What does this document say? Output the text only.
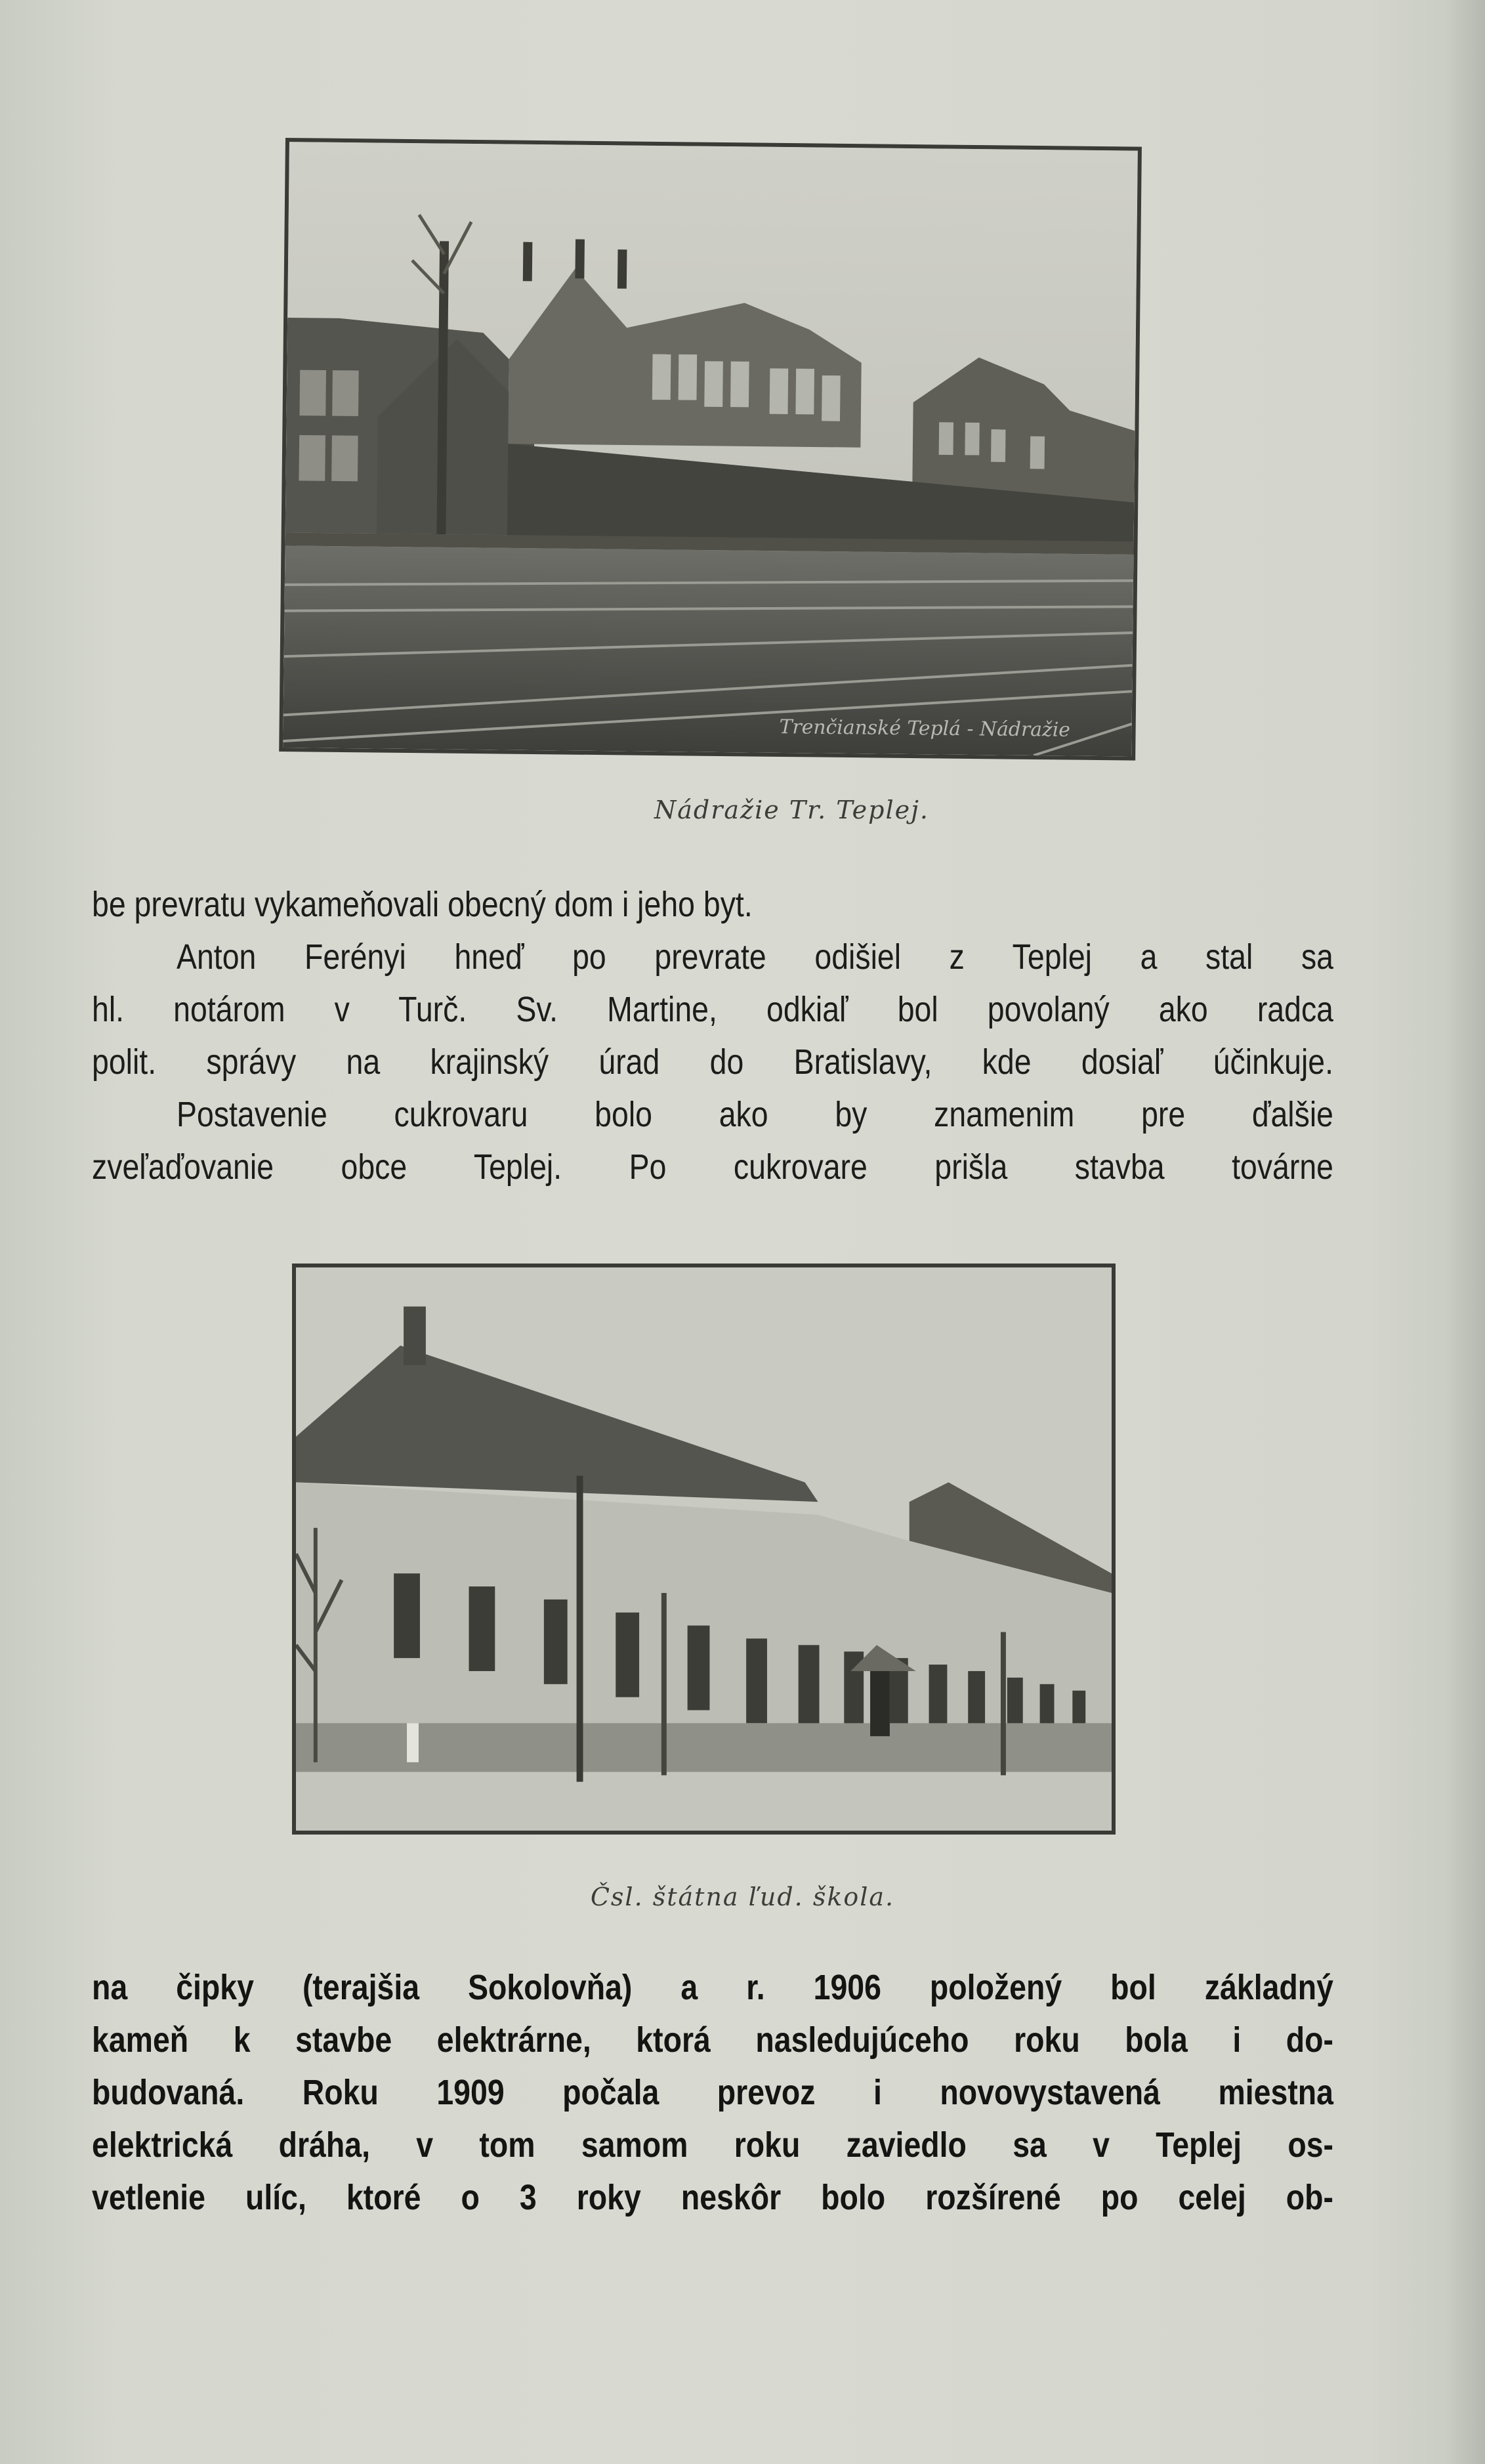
Trenčianské Teplá - Nádražie
Nádražie Tr. Teplej.
be prevratu vykameňovali obecný dom i jeho byt.
Anton Ferényi hneď po prevrate odišiel z Teplej a stal sa
hl. notárom v Turč. Sv. Martine, odkiaľ bol povolaný ako radca
polit. správy na krajinský úrad do Bratislavy, kde dosiaľ účinkuje.
Postavenie cukrovaru bolo ako by znamenim pre ďalšie
zveľaďovanie obce Teplej. Po cukrovare prišla stavba továrne
Čsl. štátna ľud. škola.
na čipky (terajšia Sokolovňa) a r. 1906 položený bol základný
kameň k stavbe elektrárne, ktorá nasledujúceho roku bola i do-
budovaná. Roku 1909 počala prevoz i novovystavená miestna
elektrická dráha, v tom samom roku zaviedlo sa v Teplej os-
vetlenie ulíc, ktoré o 3 roky neskôr bolo rozšírené po celej ob-
